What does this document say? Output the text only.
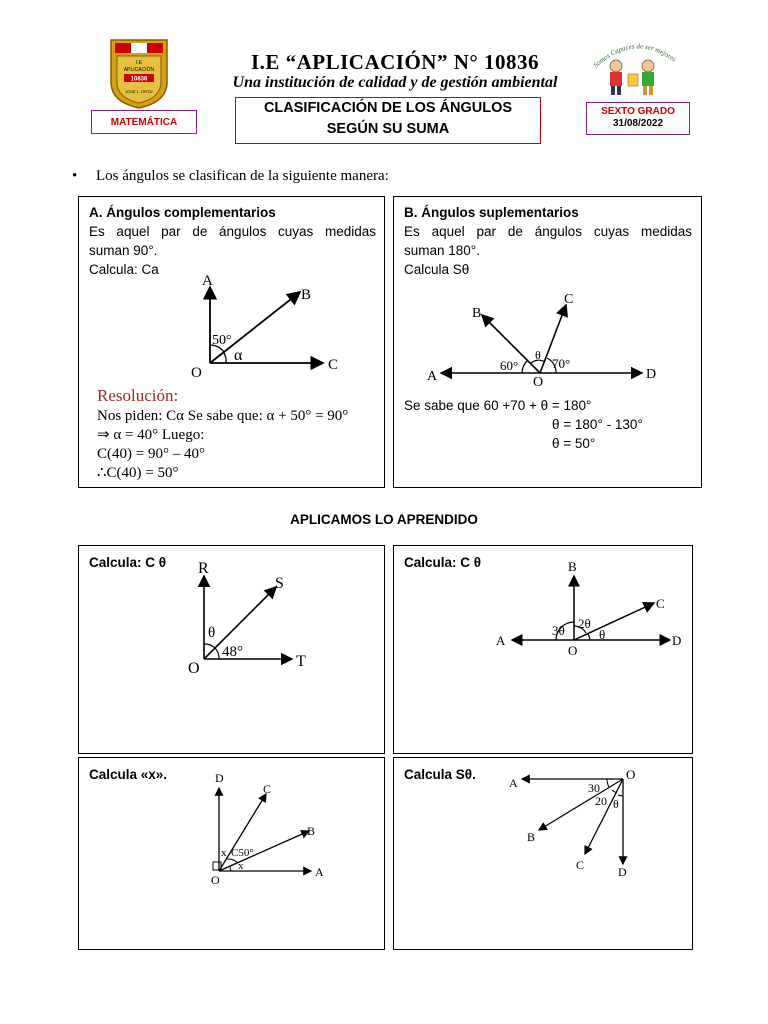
I.E
APLICACIÓN
10836
JOSÉ L. ORTIZ
I.E “APLICACIÓN” N° 10836
Una institución de calidad y de gestión ambiental
Somos Capaces de ser mejores
MATEMÁTICA
CLASIFICACIÓN DE LOS ÁNGULOS
SEGÚN SU SUMA
SEXTO GRADO
31/08/2022
• Los ángulos se clasifican de la siguiente manera:
A. Ángulos complementarios
Es aquel par de ángulos cuyas medidas
suman 90°.
Calcula: Ca
A
B
O	C
50°
α
Resolución:
Nos piden: Cα Se sabe que: α + 50° = 90°
⇒ α = 40° Luego:
C(40) = 90° – 40°
∴C(40) = 50°
B. Ángulos suplementarios
Es aquel par de ángulos cuyas medidas
suman 180°.
Calcula Sθ
B
C
A	D
O
60°
θ
70°
Se sabe que 60 +70 + θ = 180°
θ = 180° - 130°
θ = 50°
APLICAMOS LO APRENDIDO
Calcula: C θ R
S
O	T
θ
48°
Calcula: C θ	B
C
A	D
O
3θ 2θ
θ
Calcula «x».	D
C
B
A
O
x
x
C50°
Calcula Sθ.
A
O
B
C	D
30
20 θ
